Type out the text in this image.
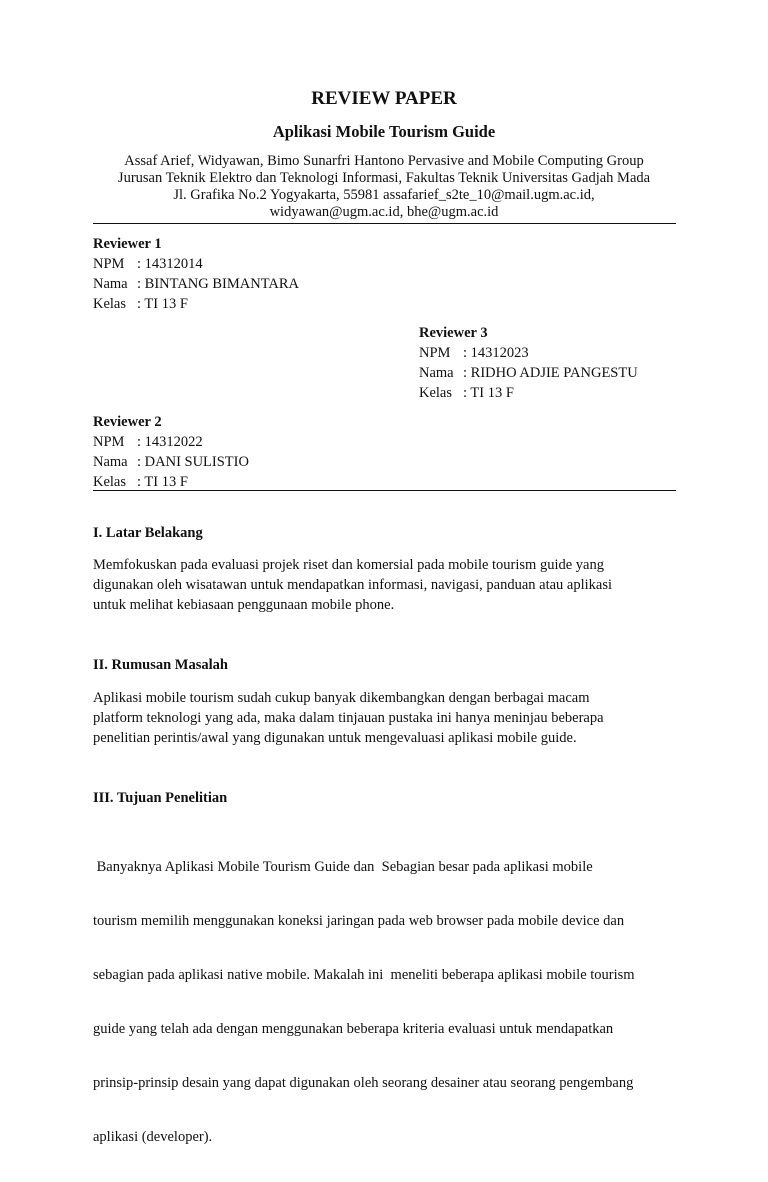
REVIEW PAPER
Aplikasi Mobile Tourism Guide
Assaf Arief, Widyawan, Bimo Sunarfri Hantono Pervasive and Mobile Computing Group
Jurusan Teknik Elektro dan Teknologi Informasi, Fakultas Teknik Universitas Gadjah Mada
Jl. Grafika No.2 Yogyakarta, 55981 assafarief_s2te_10@mail.ugm.ac.id,
widyawan@ugm.ac.id, bhe@ugm.ac.id
Reviewer 1
NPM	: 14312014
Nama	: BINTANG BIMANTARA
Kelas	: TI 13 F
Reviewer 3
NPM	: 14312023
Nama	: RIDHO ADJIE PANGESTU
Kelas	: TI 13 F
Reviewer 2
NPM	: 14312022
Nama	: DANI SULISTIO
Kelas	: TI 13 F
I. Latar Belakang
Memfokuskan pada evaluasi projek riset dan komersial pada mobile tourism guide yang
digunakan oleh wisatawan untuk mendapatkan informasi, navigasi, panduan atau aplikasi
untuk melihat kebiasaan penggunaan mobile phone.
II. Rumusan Masalah
Aplikasi mobile tourism sudah cukup banyak dikembangkan dengan berbagai macam
platform teknologi yang ada, maka dalam tinjauan pustaka ini hanya meninjau beberapa
penelitian perintis/awal yang digunakan untuk mengevaluasi aplikasi mobile guide.
III. Tujuan Penelitian

Banyaknya Aplikasi Mobile Tourism Guide dan  Sebagian besar pada aplikasi mobile

tourism memilih menggunakan koneksi jaringan pada web browser pada mobile device dan

sebagian pada aplikasi native mobile. Makalah ini  meneliti beberapa aplikasi mobile tourism

guide yang telah ada dengan menggunakan beberapa kriteria evaluasi untuk mendapatkan

prinsip-prinsip desain yang dapat digunakan oleh seorang desainer atau seorang pengembang

aplikasi (developer).
